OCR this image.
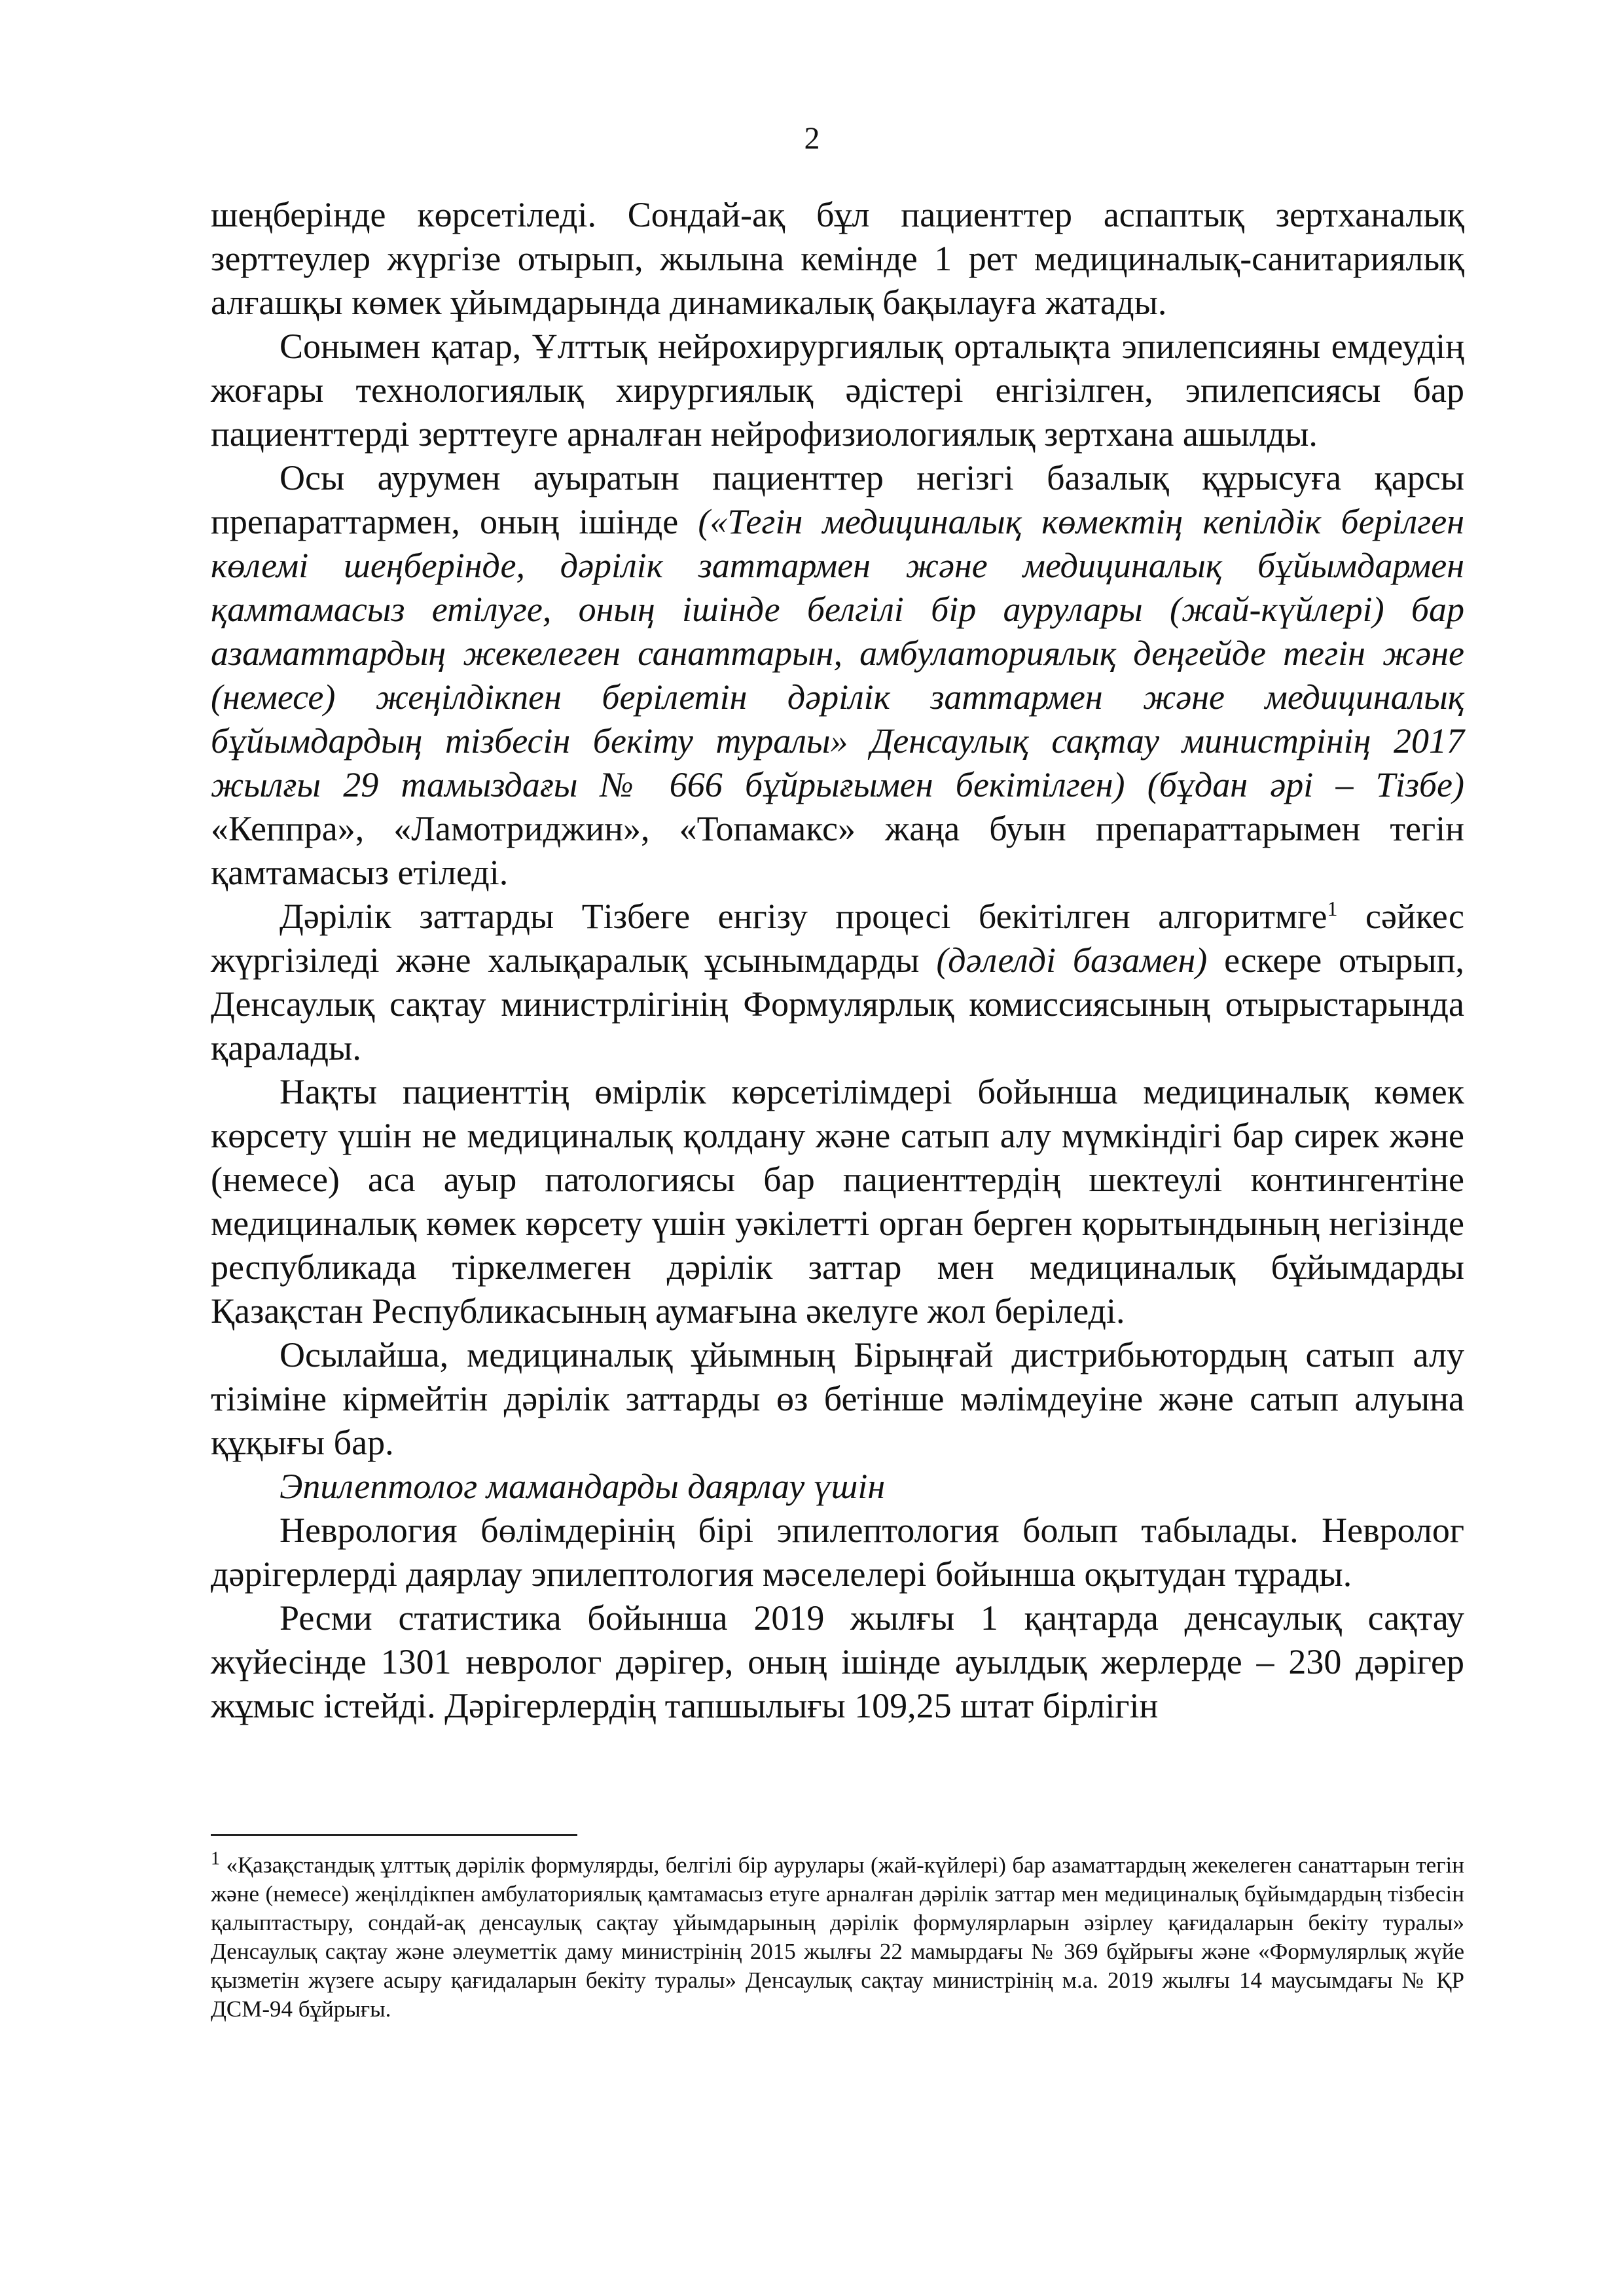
2

шеңберінде көрсетіледі. Сондай-ақ бұл пациенттер аспаптық зертханалық зерттеулер жүргізе отырып, жылына кемінде 1 рет медициналық-санитариялық алғашқы көмек ұйымдарында динамикалық бақылауға жатады.

Сонымен қатар, Ұлттық нейрохирургиялық орталықта эпилепсияны емдеудің жоғары технологиялық хирургиялық әдістері енгізілген, эпилепсиясы бар пациенттерді зерттеуге арналған нейрофизиологиялық зертхана ашылды.

Осы аурумен ауыратын пациенттер негізгі базалық құрысуға қарсы препараттармен, оның ішінде («Тегін медициналық көмектің кепілдік берілген көлемі шеңберінде, дәрілік заттармен және медициналық бұйымдармен қамтамасыз етілуге, оның ішінде белгілі бір аурулары (жай-күйлері) бар азаматтардың жекелеген санаттарын, амбулаториялық деңгейде тегін және (немесе) жеңілдікпен берілетін дәрілік заттармен және медициналық бұйымдардың тізбесін бекіту туралы» Денсаулық сақтау министрінің 2017 жылғы 29 тамыздағы № 666 бұйрығымен бекітілген) (бұдан әрі – Тізбе) «Кеппра», «Ламотриджин», «Топамакс» жаңа буын препараттарымен тегін қамтамасыз етіледі.

Дәрілік заттарды Тізбеге енгізу процесі бекітілген алгоритмге$^1$ сәйкес жүргізіледі және халықаралық ұсынымдарды (дәлелді базамен) ескере отырып, Денсаулық сақтау министрлігінің Формулярлық комиссиясының отырыстарында қаралады.

Нақты пациенттің өмірлік көрсетілімдері бойынша медициналық көмек көрсету үшін не медициналық қолдану және сатып алу мүмкіндігі бар сирек және (немесе) аса ауыр патологиясы бар пациенттердің шектеулі контингентіне медициналық көмек көрсету үшін уәкілетті орган берген қорытындының негізінде республикада тіркелмеген дәрілік заттар мен медициналық бұйымдарды Қазақстан Республикасының аумағына әкелуге жол беріледі.

Осылайша, медициналық ұйымның Бірыңғай дистрибьютордың сатып алу тізіміне кірмейтін дәрілік заттарды өз бетінше мәлімдеуіне және сатып алуына құқығы бар.

Эпилептолог мамандарды даярлау үшін

Неврология бөлімдерінің бірі эпилептология болып табылады. Невролог дәрігерлерді даярлау эпилептология мәселелері бойынша оқытудан тұрады.

Ресми статистика бойынша 2019 жылғы 1 қаңтарда денсаулық сақтау жүйесінде 1301 невролог дәрігер, оның ішінде ауылдық жерлерде – 230 дәрігер жұмыс істейді. Дәрігерлердің тапшылығы 109,25 штат бірлігін

$^1$ «Қазақстандық ұлттық дәрілік формулярды, белгілі бір аурулары (жай-күйлері) бар азаматтардың жекелеген санаттарын тегін және (немесе) жеңілдікпен амбулаториялық қамтамасыз етуге арналған дәрілік заттар мен медициналық бұйымдардың тізбесін қалыптастыру, сондай-ақ денсаулық сақтау ұйымдарының дәрілік формулярларын әзірлеу қағидаларын бекіту туралы» Денсаулық сақтау және әлеуметтік даму министрінің 2015 жылғы 22 мамырдағы № 369 бұйрығы және «Формулярлық жүйе қызметін жүзеге асыру қағидаларын бекіту туралы» Денсаулық сақтау министрінің м.а. 2019 жылғы 14 маусымдағы № ҚР ДСМ-94 бұйрығы.
